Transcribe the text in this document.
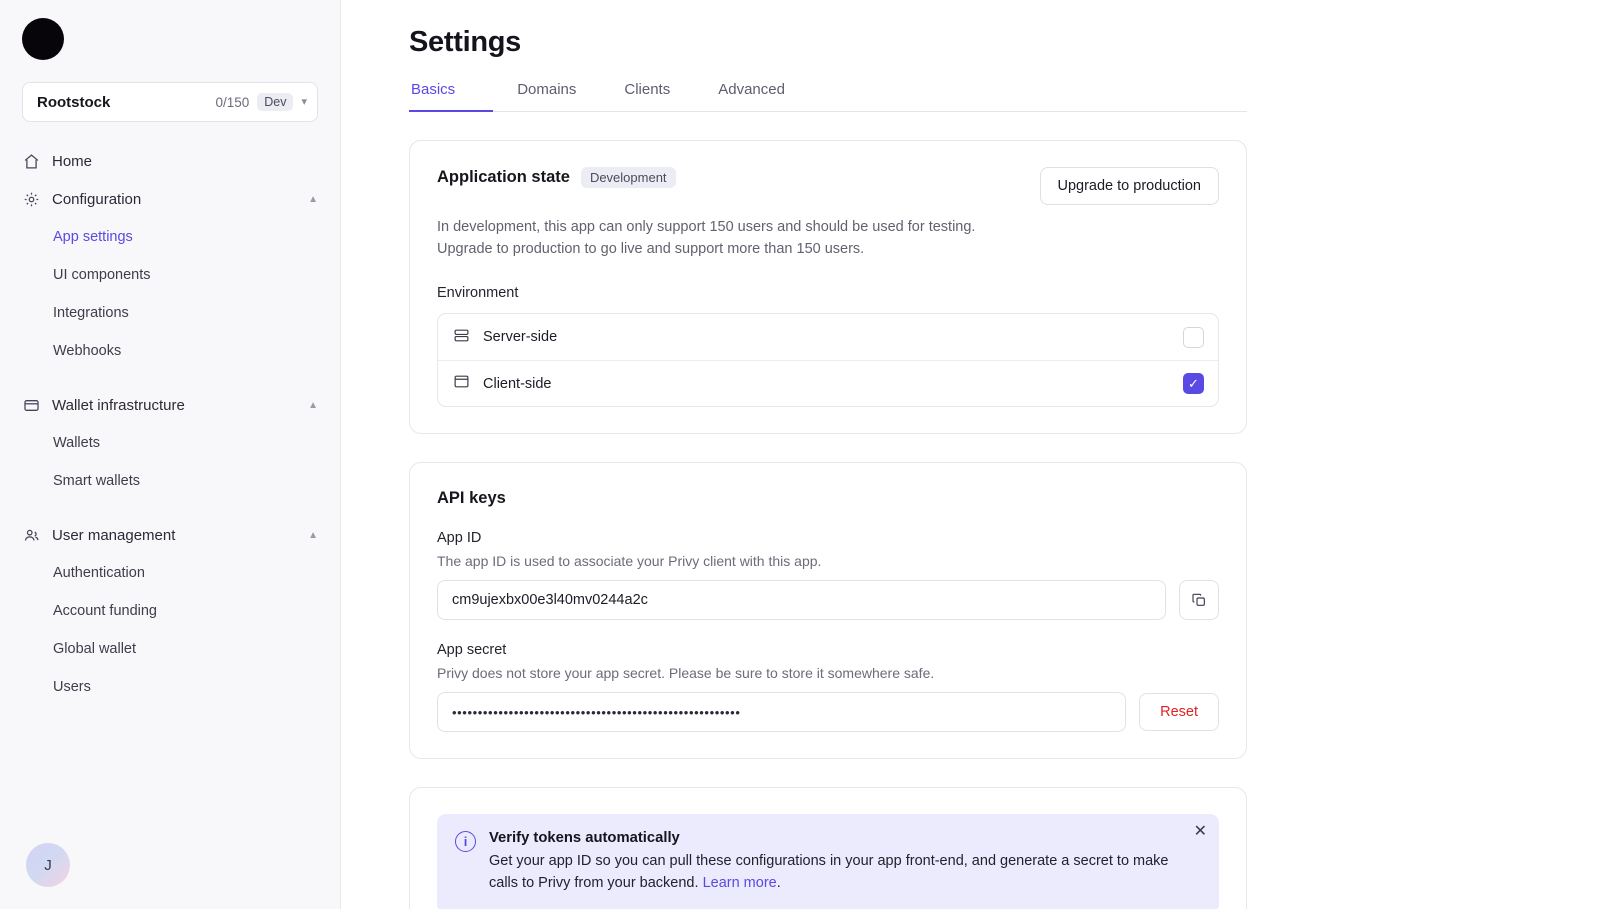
Rootstock	0/150	Dev	▾
Home
Configuration	▲
App settings
UI components
Integrations
Webhooks
Wallet infrastructure	▲
Wallets
Smart wallets
User management	▲
Authentication
Account funding
Global wallet
Users
J
Settings
Basics	Domains	Clients	Advanced
Application state	Development
Upgrade to production

In development, this app can only support 150 users and should be used for testing. Upgrade to production to go live and support more than 150 users.

Environment
Server-side
Client-side	✓
API keys
App ID
The app ID is used to associate your Privy client with this app.
cm9ujexbx00e3l40mv0244a2c
App secret
Privy does not store your app secret. Please be sure to store it somewhere safe.
••••••••••••••••••••••••••••••••••••••••••••••••••••••••	Reset
i	Verify tokens automatically
Get your app ID so you can pull these configurations in your app front-end, and generate a secret to make calls to Privy from your backend. Learn more.
✕
